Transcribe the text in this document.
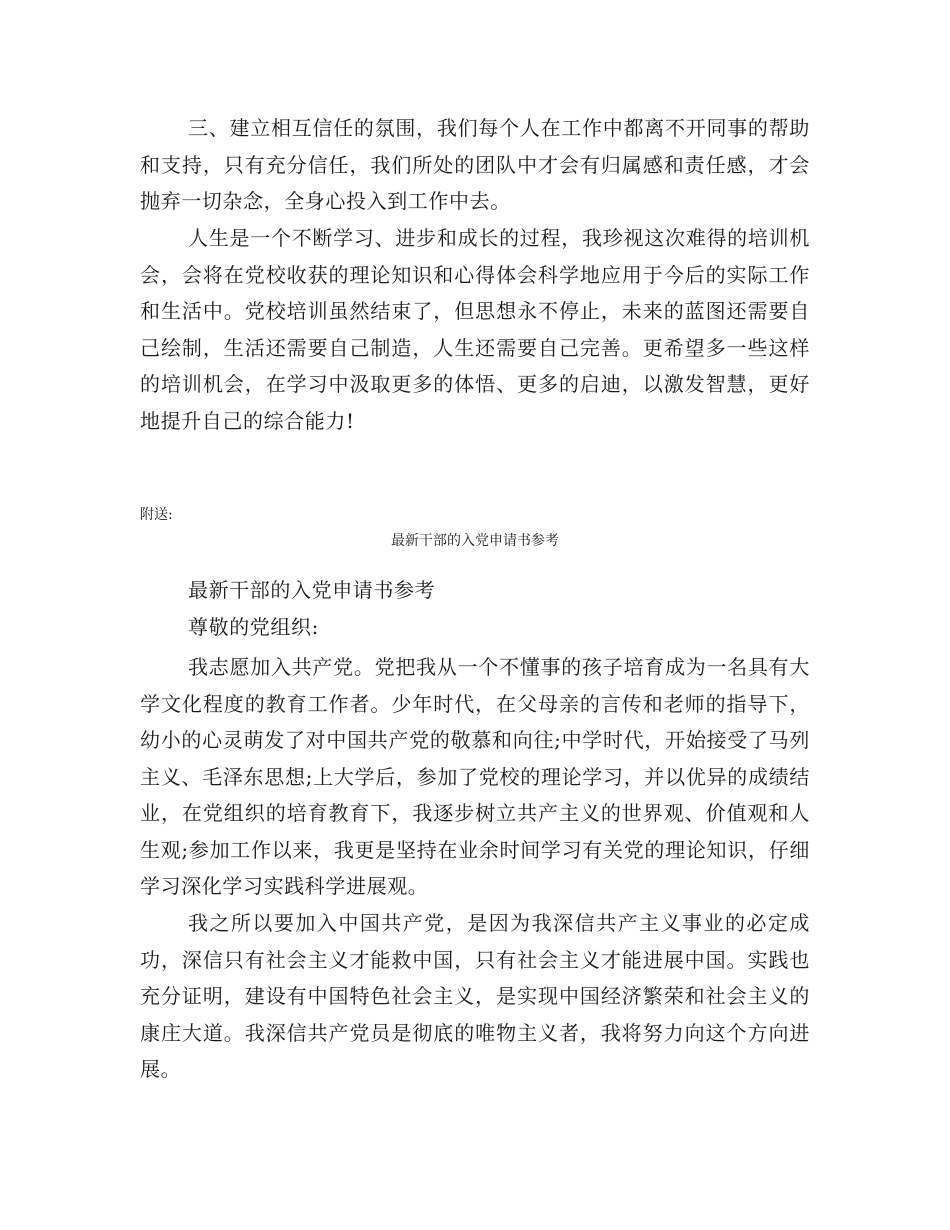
三、建立相互信任的氛围，我们每个人在工作中都离不开同事的帮助和支持，只有充分信任，我们所处的团队中才会有归属感和责任感，才会抛弃一切杂念，全身心投入到工作中去。

人生是一个不断学习、进步和成长的过程，我珍视这次难得的培训机会，会将在党校收获的理论知识和心得体会科学地应用于今后的实际工作和生活中。党校培训虽然结束了，但思想永不停止，未来的蓝图还需要自己绘制，生活还需要自己制造，人生还需要自己完善。更希望多一些这样的培训机会，在学习中汲取更多的体悟、更多的启迪，以激发智慧，更好地提升自己的综合能力!

附送:

最新干部的入党申请书参考

最新干部的入党申请书参考

尊敬的党组织:

我志愿加入共产党。党把我从一个不懂事的孩子培育成为一名具有大学文化程度的教育工作者。少年时代，在父母亲的言传和老师的指导下，幼小的心灵萌发了对中国共产党的敬慕和向往;中学时代，开始接受了马列主义、毛泽东思想;上大学后，参加了党校的理论学习，并以优异的成绩结业，在党组织的培育教育下，我逐步树立共产主义的世界观、价值观和人生观;参加工作以来，我更是坚持在业余时间学习有关党的理论知识，仔细学习深化学习实践科学进展观。

我之所以要加入中国共产党，是因为我深信共产主义事业的必定成功，深信只有社会主义才能救中国，只有社会主义才能进展中国。实践也充分证明，建设有中国特色社会主义，是实现中国经济繁荣和社会主义的康庄大道。我深信共产党员是彻底的唯物主义者，我将努力向这个方向进展。
